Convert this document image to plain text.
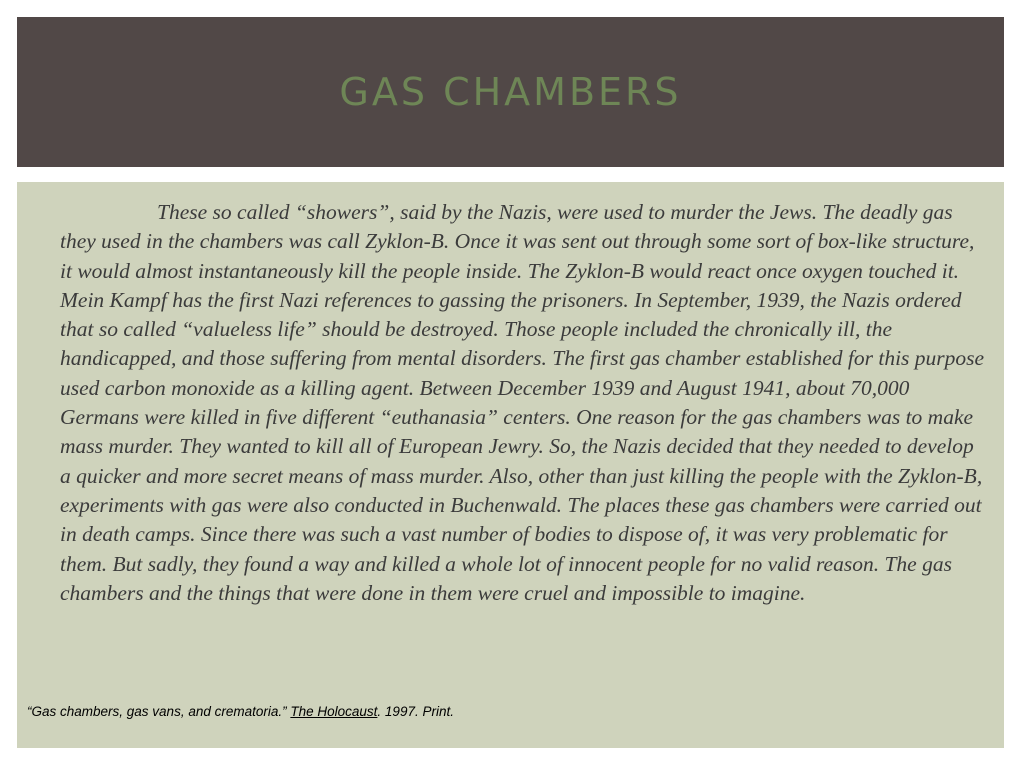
GAS CHAMBERS

These so called “showers”, said by the Nazis, were used to murder the Jews. The deadly gas they used in the chambers was call Zyklon-B. Once it was sent out through some sort of box-like structure, it would almost instantaneously kill the people inside. The Zyklon-B would react once oxygen touched it. Mein Kampf has the first Nazi references to gassing the prisoners. In September, 1939, the Nazis ordered that so called “valueless life” should be destroyed. Those people included the chronically ill, the handicapped, and those suffering from mental disorders. The first gas chamber established for this purpose used carbon monoxide as a killing agent. Between December 1939 and August 1941, about 70,000 Germans were killed in five different “euthanasia” centers. One reason for the gas chambers was to make mass murder. They wanted to kill all of European Jewry. So, the Nazis decided that they needed to develop a quicker and more secret means of mass murder. Also, other than just killing the people with the Zyklon-B, experiments with gas were also conducted in Buchenwald. The places these gas chambers were carried out in death camps. Since there was such a vast number of bodies to dispose of, it was very problematic for them. But sadly, they found a way and killed a whole lot of innocent people for no valid reason. The gas chambers and the things that were done in them were cruel and impossible to imagine.

“Gas chambers, gas vans, and crematoria.” The Holocaust. 1997. Print.
